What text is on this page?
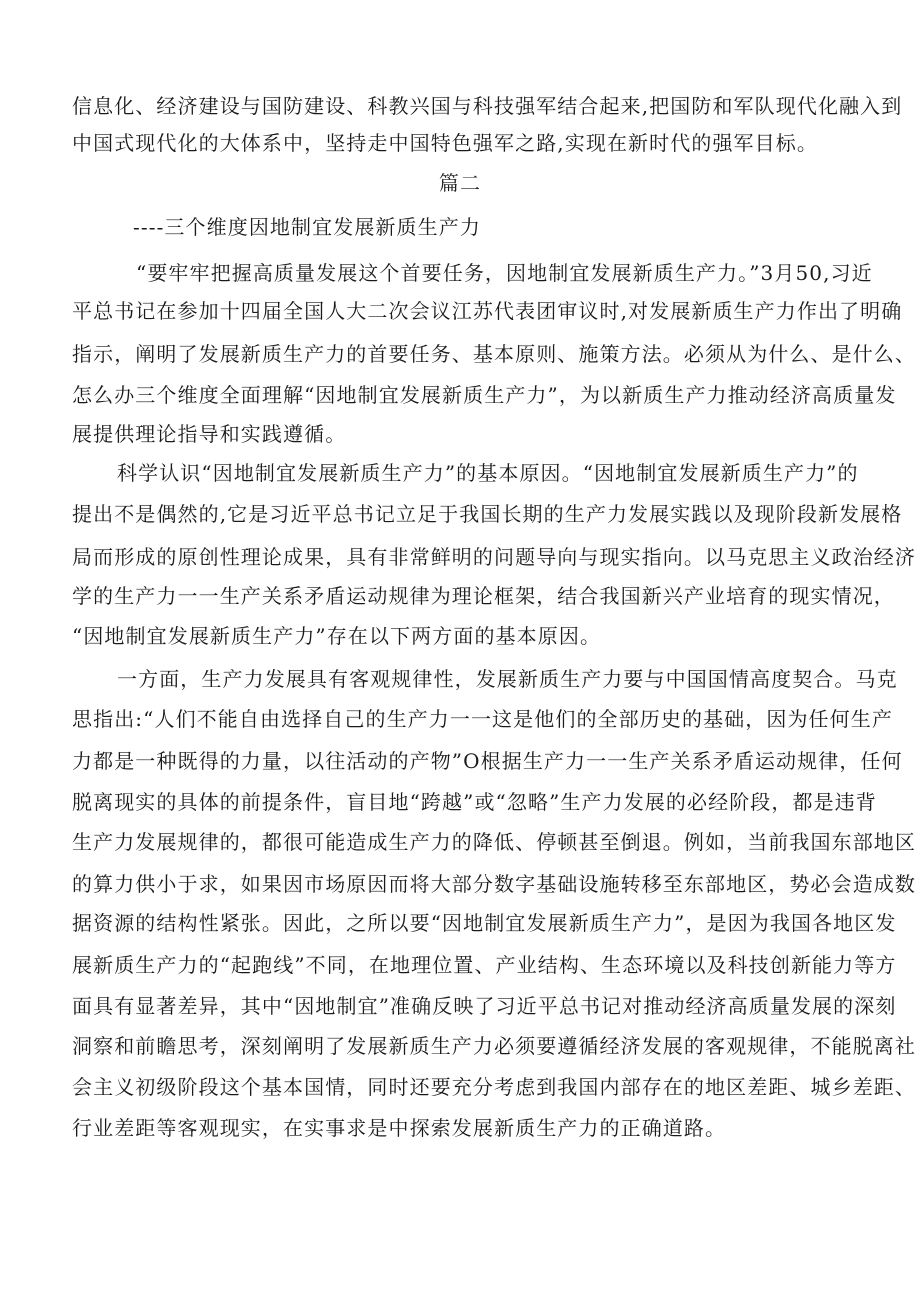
信息化、经济建设与国防建设、科教兴国与科技强军结合起来,把国防和军队现代化融入到

中国式现代化的大体系中，坚持走中国特色强军之路,实现在新时代的强军目标。

篇二

----三个维度因地制宜发展新质生产力

“要牢牢把握高质量发展这个首要任务，因地制宜发展新质生产力。”3月50,习近

平总书记在参加十四届全国人大二次会议江苏代表团审议时,对发展新质生产力作出了明确

指示，阐明了发展新质生产力的首要任务、基本原则、施策方法。必须从为什么、是什么、

怎么办三个维度全面理解“因地制宜发展新质生产力”，为以新质生产力推动经济高质量发

展提供理论指导和实践遵循。

科学认识“因地制宜发展新质生产力”的基本原因。“因地制宜发展新质生产力”的

提出不是偶然的,它是习近平总书记立足于我国长期的生产力发展实践以及现阶段新发展格

局而形成的原创性理论成果，具有非常鲜明的问题导向与现实指向。以马克思主义政治经济

学的生产力一一生产关系矛盾运动规律为理论框架，结合我国新兴产业培育的现实情况，

“因地制宜发展新质生产力”存在以下两方面的基本原因。

一方面，生产力发展具有客观规律性，发展新质生产力要与中国国情高度契合。马克

思指出:“人们不能自由选择自己的生产力一一这是他们的全部历史的基础，因为任何生产

力都是一种既得的力量，以往活动的产物”O根据生产力一一生产关系矛盾运动规律，任何

脱离现实的具体的前提条件，盲目地“跨越”或“忽略”生产力发展的必经阶段，都是违背

生产力发展规律的，都很可能造成生产力的降低、停顿甚至倒退。例如，当前我国东部地区

的算力供小于求，如果因市场原因而将大部分数字基础设施转移至东部地区，势必会造成数

据资源的结构性紧张。因此，之所以要“因地制宜发展新质生产力”，是因为我国各地区发

展新质生产力的“起跑线”不同，在地理位置、产业结构、生态环境以及科技创新能力等方

面具有显著差异，其中“因地制宜”准确反映了习近平总书记对推动经济高质量发展的深刻

洞察和前瞻思考，深刻阐明了发展新质生产力必须要遵循经济发展的客观规律，不能脱离社

会主义初级阶段这个基本国情，同时还要充分考虑到我国内部存在的地区差距、城乡差距、

行业差距等客观现实，在实事求是中探索发展新质生产力的正确道路。
